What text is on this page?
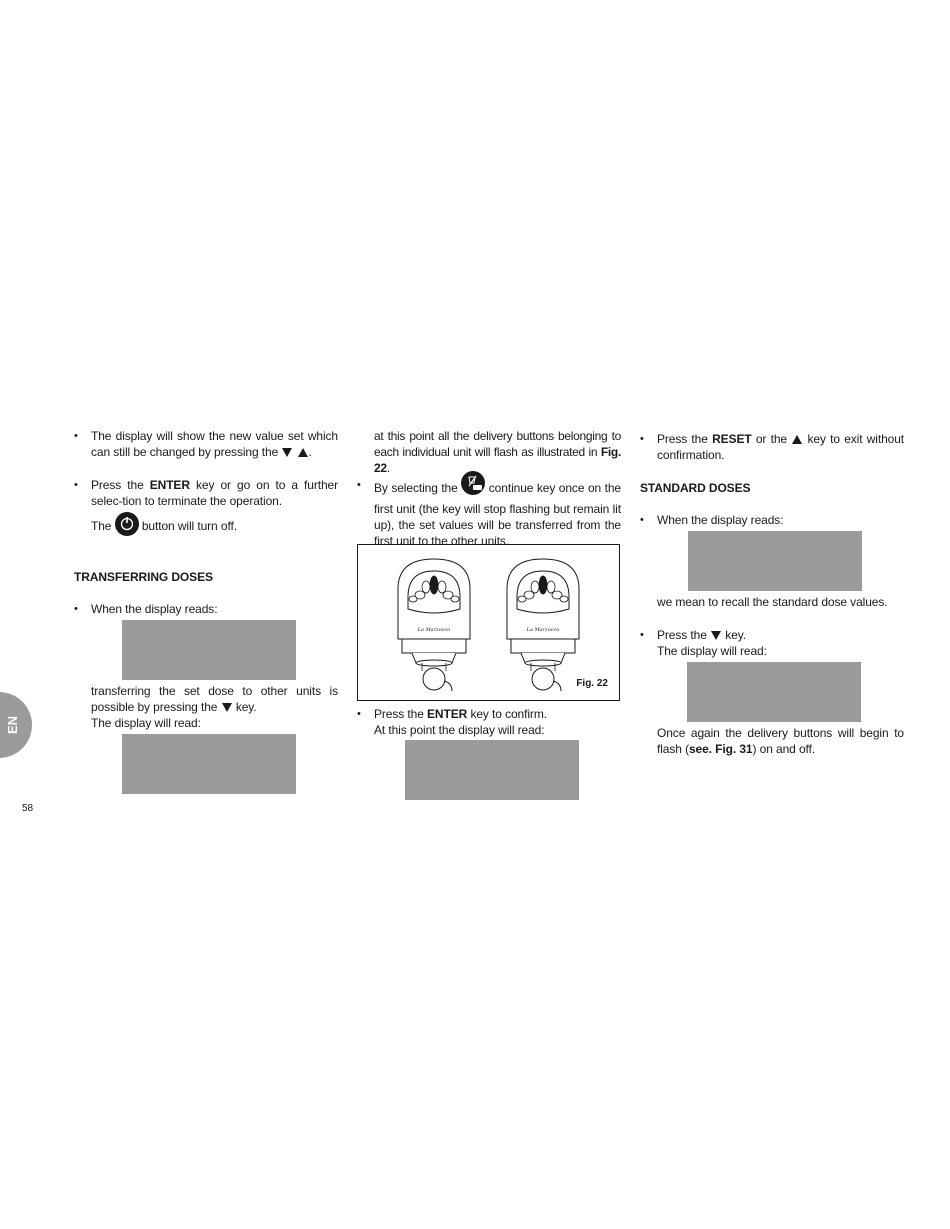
EN
58
• The display will show the new value set which can still be changed by pressing the	.

• Press the ENTER key or go on to a further selec-tion to terminate the operation.

The	button will turn off.

TRANSFERRING DOSES
• When the display reads:

transferring the set dose to other units is possible by pressing the key.

The display will read:

at this point all the delivery buttons belonging to each individual unit will flash as illustrated in Fig. 22.

• By selecting the	continue key once on the first unit (the key will stop flashing but remain lit up), the set values will be transferred from the first unit to the other units.

La Marzocco	La Marzocco
Fig. 22
• Press the ENTER key to confirm.

At this point the display will read:

• Press the RESET or the key to exit without confirmation.

STANDARD DOSES
• When the display reads:

we mean to recall the standard dose values.

• Press the key.

The display will read:

Once again the delivery buttons will begin to flash (see. Fig. 31) on and off.
